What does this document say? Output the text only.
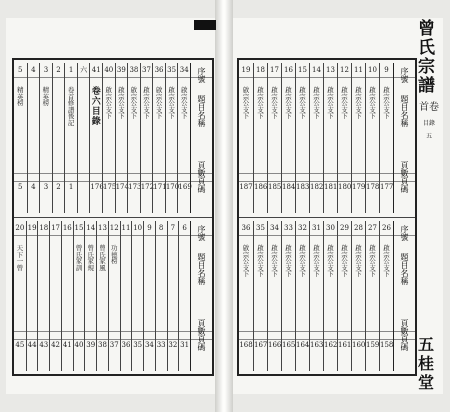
5
精
英
榜
5
4
4
3
精
英
榜
3
2
2
1
卷
首
修
譜
後
記
1
六 41
卷
六
目
錄
176
40
啟
宗
公
支
下
175
39
啟
宗
公
支
下
174
38
啟
宗
公
支
下
173
37
啟
宗
公
支
下
172
36
啟
宗
公
支
下
171
35
啟
宗
公
支
下
170
34
啟
宗
公
支
下
169
序號
題目名稱
頁數頁碼
20
天
下
一
曾
45
19
44
18
43
17
42
16
41
15
曾
氏
家
訓
40
14
曾
氏
家
規
39
13
曾
氏
家
風
38
12
功
德
榜
37
11
36
10
35
9
34
8
33
7
32
6
31
序號
題目名稱
頁數頁碼
曾氏宗譜
首卷
目錄
五
五桂堂
19
啟
宗
公
支
下
187
18
啟
宗
公
支
下
186
17
啟
宗
公
支
下
185
16
啟
宗
公
支
下
184
15
啟
宗
公
支
下
183
14
啟
宗
公
支
下
182
13
啟
宗
公
支
下
181
12
啟
宗
公
支
下
180
11
啟
宗
公
支
下
179
10
啟
宗
公
支
下
178
9
啟
宗
公
支
下
177
序號
題目名稱
頁數頁碼
36
啟
宗
公
支
下
168
35
啟
宗
公
支
下
167
34
啟
宗
公
支
下
166
33
啟
宗
公
支
下
165
32
啟
宗
公
支
下
164
31
啟
宗
公
支
下
163
30
啟
宗
公
支
下
162
29
啟
宗
公
支
下
161
28
啟
宗
公
支
下
160
27
啟
宗
公
支
下
159
26
啟
宗
公
支
下
158
序號
題目名稱
頁數頁碼
